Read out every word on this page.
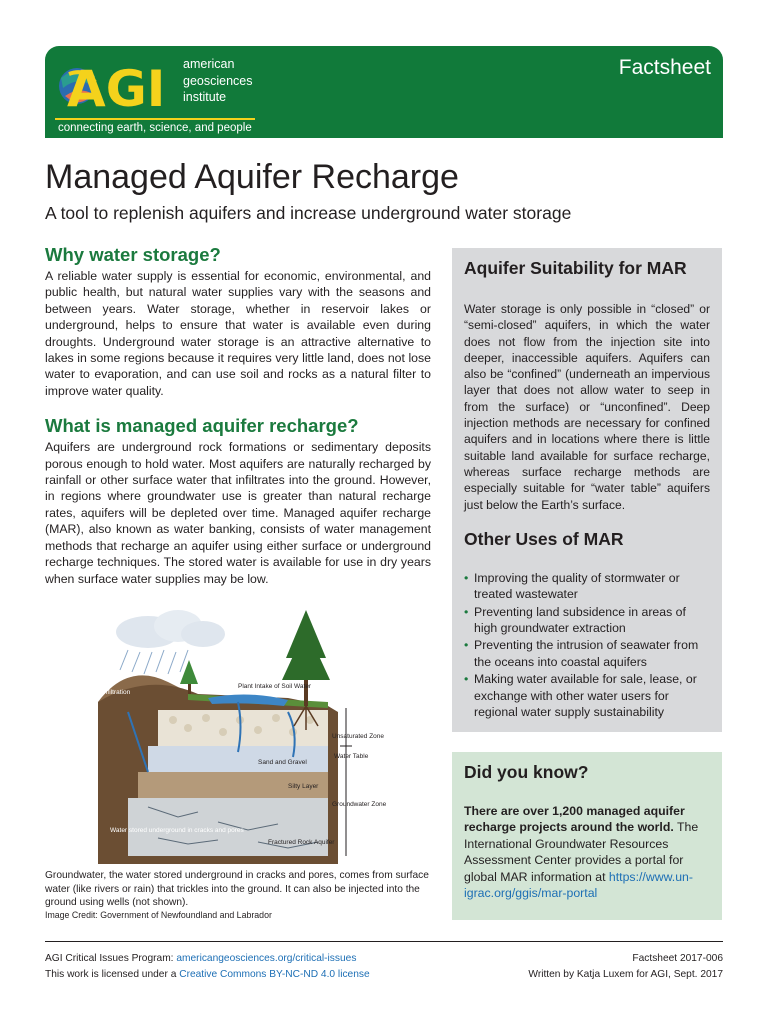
AGI american
geosciences
institute
connecting earth, science, and people
Factsheet
Managed Aquifer Recharge
A tool to replenish aquifers and increase underground water storage
Why water storage?

A reliable water supply is essential for economic, environmental, and public health, but natural water supplies vary with the seasons and between years. Water storage, whether in reservoir lakes or underground, helps to ensure that water is available even during droughts. Underground water storage is an attractive alternative to lakes in some regions because it requires very little land, does not lose water to evaporation, and can use soil and rocks as a natural filter to improve water quality.

What is managed aquifer recharge?

Aquifers are underground rock formations or sedimentary deposits porous enough to hold water. Most aquifers are naturally recharged by rainfall or other surface water that infiltrates into the ground. However, in regions where groundwater use is greater than natural recharge rates, aquifers will be depleted over time. Managed aquifer recharge (MAR), also known as water banking, consists of water management methods that recharge an aquifer using either surface or underground recharge techniques. The stored water is available for use in dry years when surface water supplies may be low.

Infiltration
Plant Intake of Soil Water
Unsaturated Zone
Water Table
Sand and Gravel
Silty Layer
Groundwater Zone
Water stored underground in cracks and pores
Fractured Rock Aquifer

Groundwater, the water stored underground in cracks and pores, comes from surface water (like rivers or rain) that trickles into the ground. It can also be injected into the ground using wells (not shown).

Image Credit: Government of Newfoundland and Labrador

Aquifer Suitability for MAR

Water storage is only possible in “closed” or “semi-closed” aquifers, in which the water does not flow from the injection site into deeper, inaccessible aquifers. Aquifers can also be “confined” (underneath an impervious layer that does not allow water to seep in from the surface) or “unconfined”. Deep injection methods are necessary for confined aquifers and in locations where there is little suitable land available for surface recharge, whereas surface recharge methods are especially suitable for “water table” aquifers just below the Earth’s surface.

Other Uses of MAR
• Improving the quality of stormwater or treated wastewater
• Preventing land subsidence in areas of high groundwater extraction
• Preventing the intrusion of seawater from the oceans into coastal aquifers
• Making water available for sale, lease, or exchange with other water users for regional water supply sustainability
Did you know?

There are over 1,200 managed aquifer recharge projects around the world. The International Groundwater Resources Assessment Center provides a portal for global MAR information at https://www.un-igrac.org/ggis/mar-portal

AGI Critical Issues Program: americangeosciences.org/critical-issues
This work is licensed under a Creative Commons BY-NC-ND 4.0 license
Factsheet 2017-006
Written by Katja Luxem for AGI, Sept. 2017
